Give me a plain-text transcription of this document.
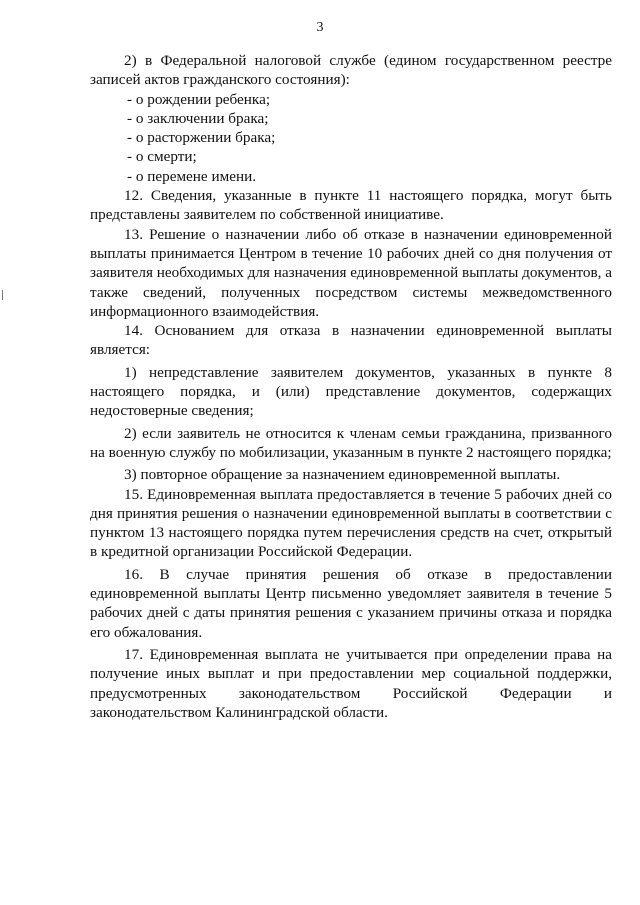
3

2) в Федеральной налоговой службе (едином государственном реестре записей актов гражданского состояния):

- о рождении ребенка;
- о заключении брака;
- о расторжении брака;
- о смерти;
- о перемене имени.

12. Сведения, указанные в пункте 11 настоящего порядка, могут быть представлены заявителем по собственной инициативе.

13. Решение о назначении либо об отказе в назначении единовременной выплаты принимается Центром в течение 10 рабочих дней со дня получения от заявителя необходимых для назначения единовременной выплаты документов, а также сведений, полученных посредством системы межведомственного информационного взаимодействия.

14. Основанием для отказа в назначении единовременной выплаты является:

1) непредставление заявителем документов, указанных в пункте 8 настоящего порядка, и (или) представление документов, содержащих недостоверные сведения;

2) если заявитель не относится к членам семьи гражданина, призванного на военную службу по мобилизации, указанным в пункте 2 настоящего порядка;

3) повторное обращение за назначением единовременной выплаты.

15. Единовременная выплата предоставляется в течение 5 рабочих дней со дня принятия решения о назначении единовременной выплаты в соответствии с пунктом 13 настоящего порядка путем перечисления средств на счет, открытый в кредитной организации Российской Федерации.

16. В случае принятия решения об отказе в предоставлении единовременной выплаты Центр письменно уведомляет заявителя в течение 5 рабочих дней с даты принятия решения с указанием причины отказа и порядка его обжалования.

17. Единовременная выплата не учитывается при определении права на получение иных выплат и при предоставлении мер социальной поддержки, предусмотренных законодательством Российской Федерации и законодательством Калининградской области.
